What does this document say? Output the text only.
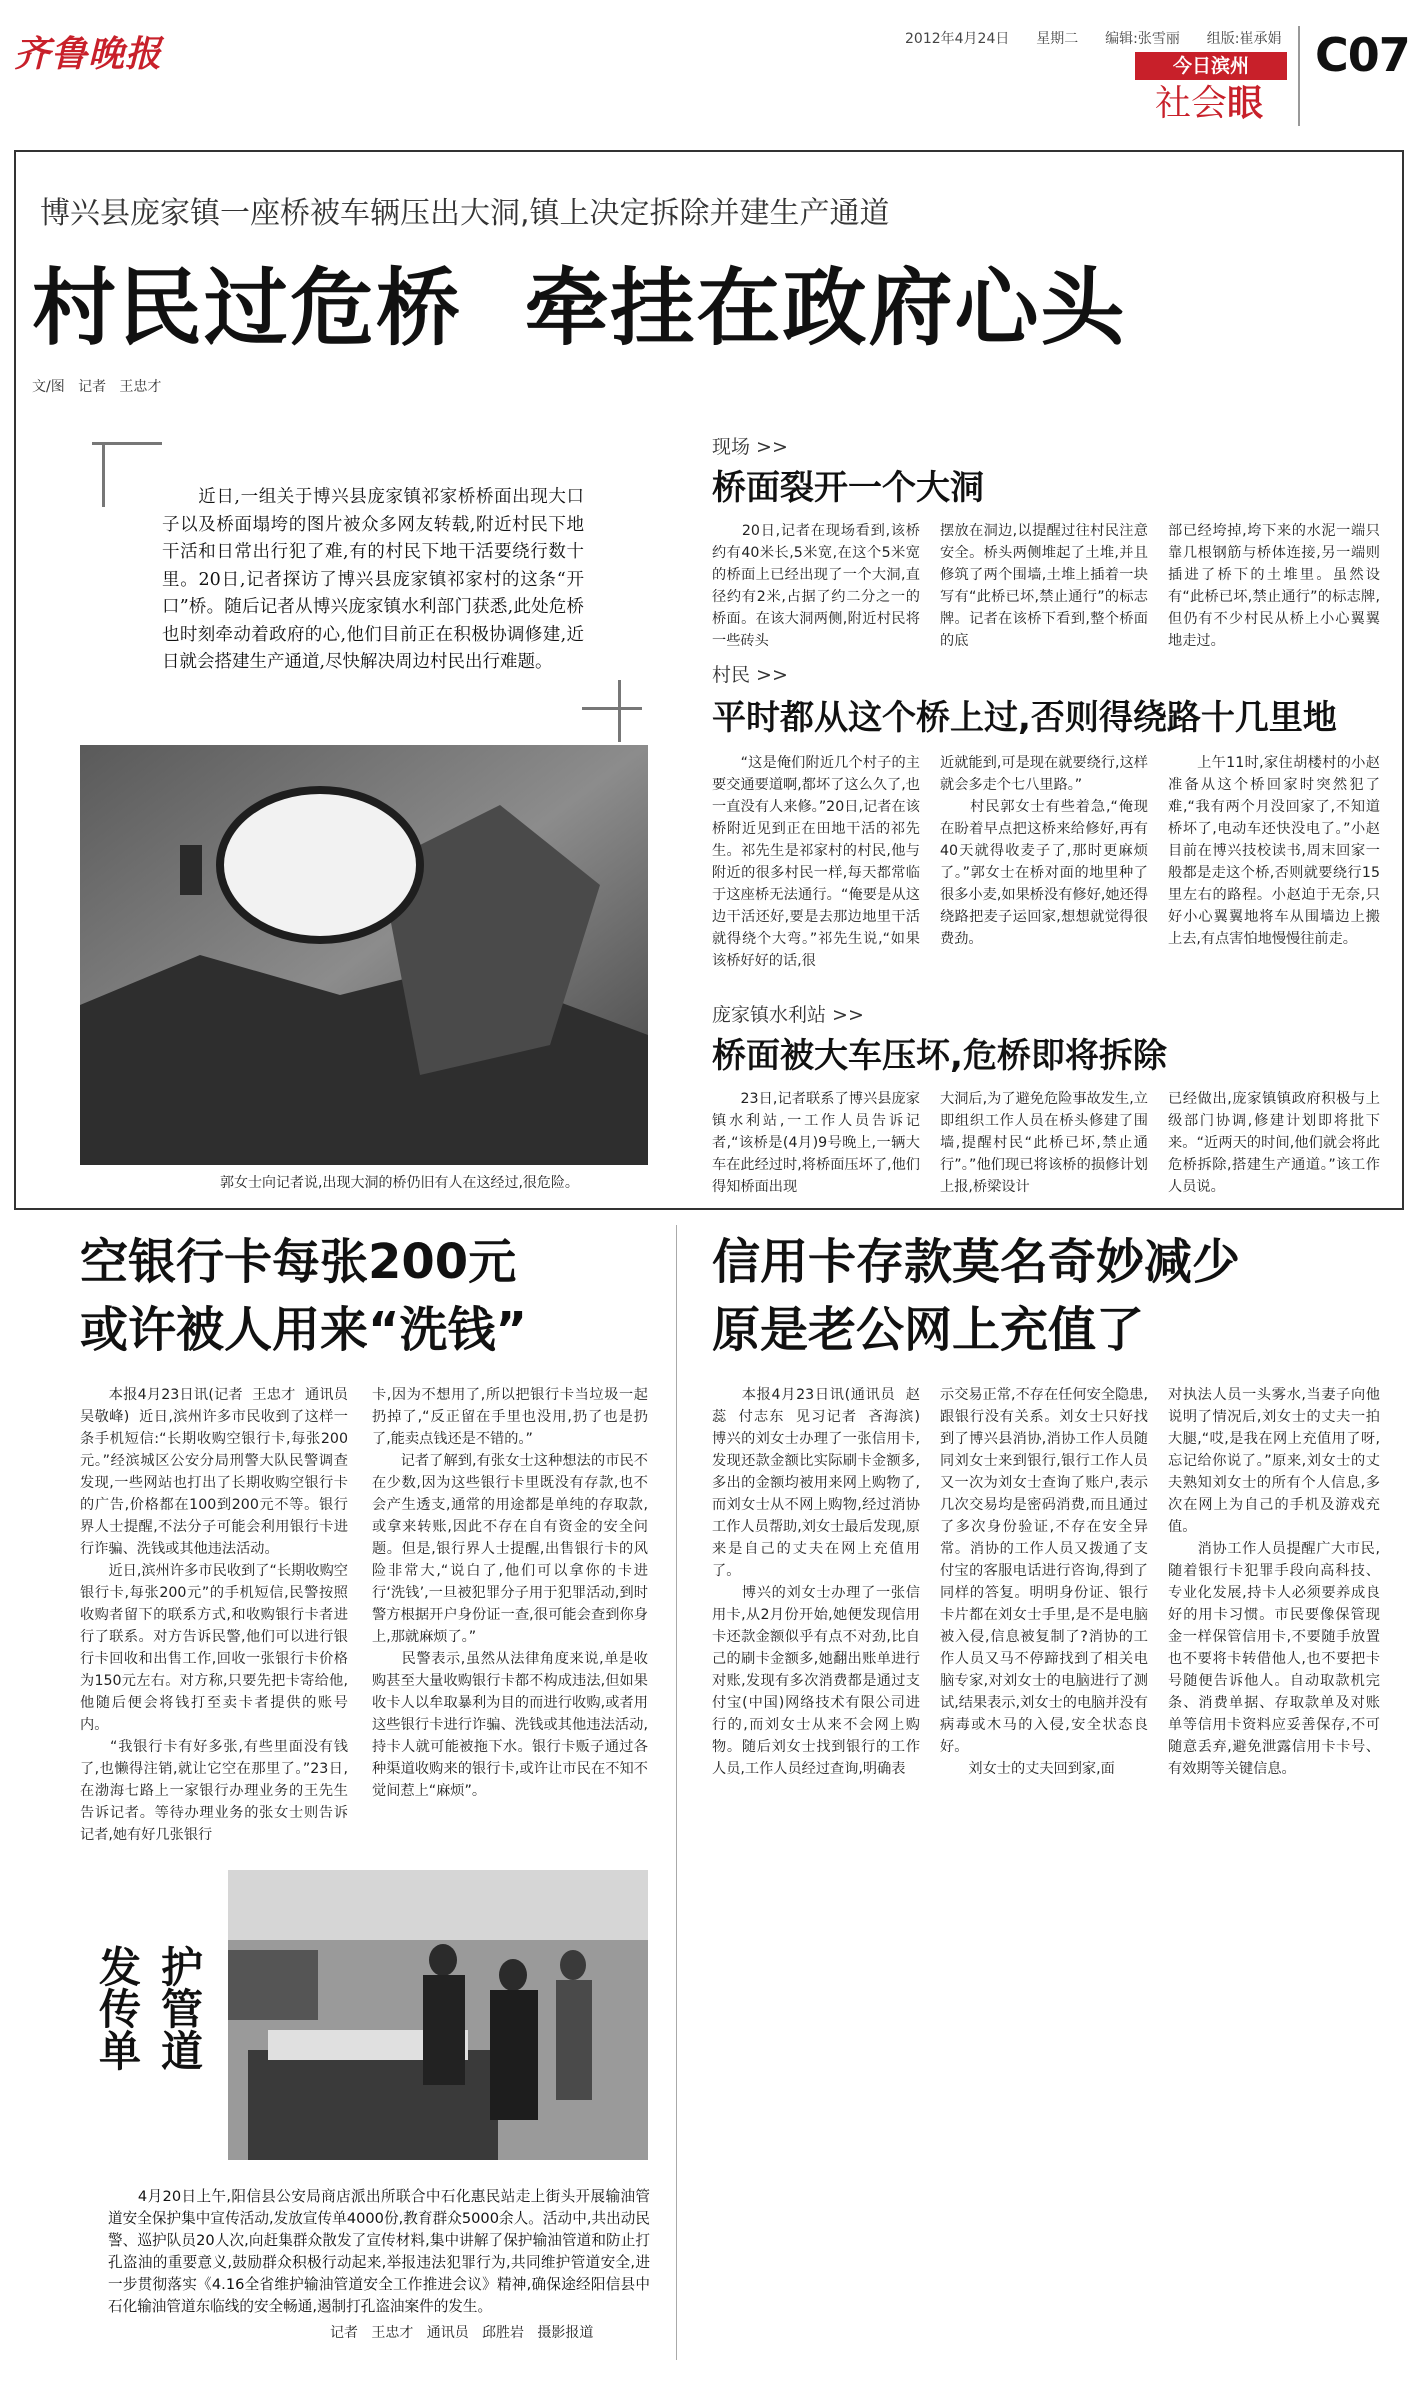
齐鲁晚报	2012年4月24日 星期二 编辑:张雪丽 组版:崔承娟
今日滨州
社会眼
C07
博兴县庞家镇一座桥被车辆压出大洞,镇上决定拆除并建生产通道
村民过危桥  牵挂在政府心头
文/图   记者   王忠才
　　近日,一组关于博兴县庞家镇祁家桥桥面出现大口子以及桥面塌垮的图片被众多网友转载,附近村民下地干活和日常出行犯了难,有的村民下地干活要绕行数十里。20日,记者探访了博兴县庞家镇祁家村的这条“开口”桥。随后记者从博兴庞家镇水利部门获悉,此处危桥也时刻牵动着政府的心,他们目前正在积极协调修建,近日就会搭建生产通道,尽快解决周边村民出行难题。
郭女士向记者说,出现大洞的桥仍旧有人在这经过,很危险。
现场 >>
桥面裂开一个大洞
　　20日,记者在现场看到,该桥约有40米长,5米宽,在这个5米宽的桥面上已经出现了一个大洞,直径约有2米,占据了约二分之一的桥面。在该大洞两侧,附近村民将一些砖头
摆放在洞边,以提醒过往村民注意安全。桥头两侧堆起了土堆,并且修筑了两个围墙,土堆上插着一块写有“此桥已坏,禁止通行”的标志牌。记者在该桥下看到,整个桥面的底
部已经垮掉,垮下来的水泥一端只靠几根钢筋与桥体连接,另一端则插进了桥下的土堆里。虽然设有“此桥已坏,禁止通行”的标志牌,但仍有不少村民从桥上小心翼翼地走过。
村民 >>
平时都从这个桥上过,否则得绕路十几里地
　　“这是俺们附近几个村子的主要交通要道啊,都坏了这么久了,也一直没有人来修。”20日,记者在该桥附近见到正在田地干活的祁先生。祁先生是祁家村的村民,他与附近的很多村民一样,每天都常临于这座桥无法通行。“俺要是从这边干活还好,要是去那边地里干活就得绕个大弯。”祁先生说,“如果该桥好好的话,很
近就能到,可是现在就要绕行,这样就会多走个七八里路。”
　　村民郭女士有些着急,“俺现在盼着早点把这桥来给修好,再有40天就得收麦子了,那时更麻烦了。”郭女士在桥对面的地里种了很多小麦,如果桥没有修好,她还得绕路把麦子运回家,想想就觉得很费劲。
　　上午11时,家住胡楼村的小赵准备从这个桥回家时突然犯了难,“我有两个月没回家了,不知道桥坏了,电动车还快没电了。”小赵目前在博兴技校读书,周末回家一般都是走这个桥,否则就要绕行15里左右的路程。小赵迫于无奈,只好小心翼翼地将车从围墙边上搬上去,有点害怕地慢慢往前走。
庞家镇水利站 >>
桥面被大车压坏,危桥即将拆除
　　23日,记者联系了博兴县庞家镇水利站,一工作人员告诉记者,“该桥是(4月)9号晚上,一辆大车在此经过时,将桥面压坏了,他们得知桥面出现
大洞后,为了避免危险事故发生,立即组织工作人员在桥头修建了围墙,提醒村民“此桥已坏,禁止通行”。”他们现已将该桥的损修计划上报,桥梁设计
已经做出,庞家镇镇政府积极与上级部门协调,修建计划即将批下来。“近两天的时间,他们就会将此危桥拆除,搭建生产通道。”该工作人员说。
空银行卡每张200元
或许被人用来“洗钱”
　　本报4月23日讯(记者  王忠才  通讯员  吴敬峰)  近日,滨州许多市民收到了这样一条手机短信:“长期收购空银行卡,每张200元。”经滨城区公安分局刑警大队民警调查发现,一些网站也打出了长期收购空银行卡的广告,价格都在100到200元不等。银行界人士提醒,不法分子可能会利用银行卡进行诈骗、洗钱或其他违法活动。
　　近日,滨州许多市民收到了“长期收购空银行卡,每张200元”的手机短信,民警按照收购者留下的联系方式,和收购银行卡者进行了联系。对方告诉民警,他们可以进行银行卡回收和出售工作,回收一张银行卡价格为150元左右。对方称,只要先把卡寄给他,他随后便会将钱打至卖卡者提供的账号内。
　　“我银行卡有好多张,有些里面没有钱了,也懒得注销,就让它空在那里了。”23日,在渤海七路上一家银行办理业务的王先生告诉记者。等待办理业务的张女士则告诉记者,她有好几张银行
卡,因为不想用了,所以把银行卡当垃圾一起扔掉了,“反正留在手里也没用,扔了也是扔了,能卖点钱还是不错的。”
　　记者了解到,有张女士这种想法的市民不在少数,因为这些银行卡里既没有存款,也不会产生透支,通常的用途都是单纯的存取款,或拿来转账,因此不存在自有资金的安全问题。但是,银行界人士提醒,出售银行卡的风险非常大,“说白了,他们可以拿你的卡进行‘洗钱’,一旦被犯罪分子用于犯罪活动,到时警方根据开户身份证一查,很可能会查到你身上,那就麻烦了。”
　　民警表示,虽然从法律角度来说,单是收购甚至大量收购银行卡都不构成违法,但如果收卡人以牟取暴利为目的而进行收购,或者用这些银行卡进行诈骗、洗钱或其他违法活动,持卡人就可能被拖下水。银行卡贩子通过各种渠道收购来的银行卡,或许让市民在不知不觉间惹上“麻烦”。
信用卡存款莫名奇妙减少
原是老公网上充值了
　　本报4月23日讯(通讯员  赵蕊  付志东  见习记者  吝海滨)  博兴的刘女士办理了一张信用卡,发现还款金额比实际刷卡金额多,多出的金额均被用来网上购物了,而刘女士从不网上购物,经过消协工作人员帮助,刘女士最后发现,原来是自己的丈夫在网上充值用了。
　　博兴的刘女士办理了一张信用卡,从2月份开始,她便发现信用卡还款金额似乎有点不对劲,比自己的刷卡金额多,她翻出账单进行对账,发现有多次消费都是通过支付宝(中国)网络技术有限公司进行的,而刘女士从来不会网上购物。随后刘女士找到银行的工作人员,工作人员经过查询,明确表
示交易正常,不存在任何安全隐患,跟银行没有关系。刘女士只好找到了博兴县消协,消协工作人员随同刘女士来到银行,银行工作人员又一次为刘女士查询了账户,表示几次交易均是密码消费,而且通过了多次身份验证,不存在安全异常。消协的工作人员又拨通了支付宝的客服电话进行咨询,得到了同样的答复。明明身份证、银行卡片都在刘女士手里,是不是电脑被入侵,信息被复制了?消协的工作人员又马不停蹄找到了相关电脑专家,对刘女士的电脑进行了测试,结果表示,刘女士的电脑并没有病毒或木马的入侵,安全状态良好。
　　刘女士的丈夫回到家,面
对执法人员一头雾水,当妻子向他说明了情况后,刘女士的丈夫一拍大腿,“哎,是我在网上充值用了呀,忘记给你说了。”原来,刘女士的丈夫熟知刘女士的所有个人信息,多次在网上为自己的手机及游戏充值。
　　消协工作人员提醒广大市民,随着银行卡犯罪手段向高科技、专业化发展,持卡人必须要养成良好的用卡习惯。市民要像保管现金一样保管信用卡,不要随手放置也不要将卡转借他人,也不要把卡号随便告诉他人。自动取款机完条、消费单据、存取款单及对账单等信用卡资料应妥善保存,不可随意丢弃,避免泄露信用卡卡号、有效期等关键信息。
护管道
发传单
　　4月20日上午,阳信县公安局商店派出所联合中石化惠民站走上街头开展输油管道安全保护集中宣传活动,发放宣传单4000份,教育群众5000余人。活动中,共出动民警、巡护队员20人次,向赶集群众散发了宣传材料,集中讲解了保护输油管道和防止打孔盗油的重要意义,鼓励群众积极行动起来,举报违法犯罪行为,共同维护管道安全,进一步贯彻落实《4.16全省维护输油管道安全工作推进会议》精神,确保途经阳信县中石化输油管道东临线的安全畅通,遏制打孔盗油案件的发生。
记者   王忠才   通讯员   邱胜岩   摄影报道
